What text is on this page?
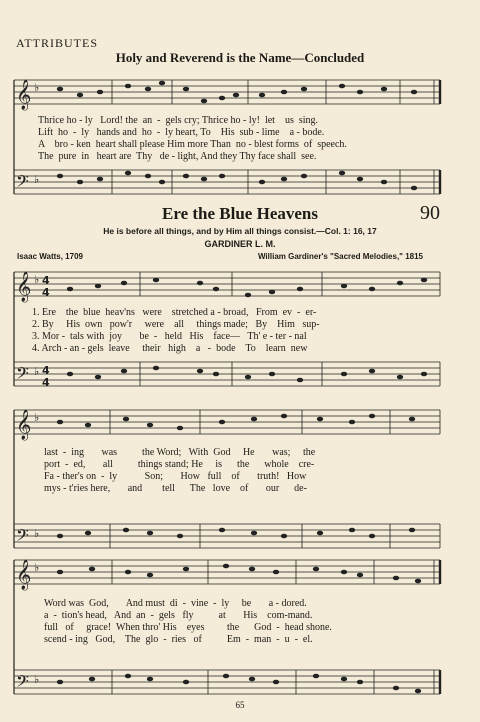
𝄞
𝄢
𝄞
𝄢
𝄞
𝄢
𝄞
𝄢
♭
♭
♭
♭
♭
♭
♭
♭
4
4
4
4
ATTRIBUTES
Holy and Reverend is the Name—Concluded
Thrice ho - ly   Lord! the  an  -  gels cry; Thrice ho - ly!  let    us  sing.
Lift  ho  -  ly   hands and  ho  -  ly heart, To    His  sub - lime    a - bode.
A    bro - ken  heart shall please Him more Than  no - blest forms  of  speech.
The  pure  in   heart are  Thy   de - light, And they Thy face shall  see.
Ere the Blue Heavens	90
He is before all things, and by Him all things consist.—Col. 1: 16, 17
GARDINER L. M.
Isaac Watts, 1709	William Gardiner's "Sacred Melodies," 1815
1. Ere    the  blue  heav'ns   were    stretched a - broad,   From  ev  -  er-
2. By     His  own   pow'r     were    all     things made;   By    Him   sup-
3. Mor -  tals with  joy       be  -   held   His    face—   Th' e - ter - nal
4. Arch - an - gels  leave     their   high    a   -  bode    To    learn  new
last  -  ing       was          the Word;   With  God     He       was;     the
port  -  ed,       all          things stand; He     is      the      whole    cre-
Fa - ther's on  -  ly           Son;       How   full    of       truth!   How
mys - t'ries here,       and        tell      The   love    of       our      de-
Word was  God,       And must  di  -  vine  -  ly     be       a - dored.
a  -  tion's head,   And  an  -  gels   fly          at       His    com-mand.
full   of     grace!  When thro' His    eyes         the      God  -  head shone.
scend - ing   God,    The  glo  -  ries   of          Em  -  man  -  u  -  el.
65
